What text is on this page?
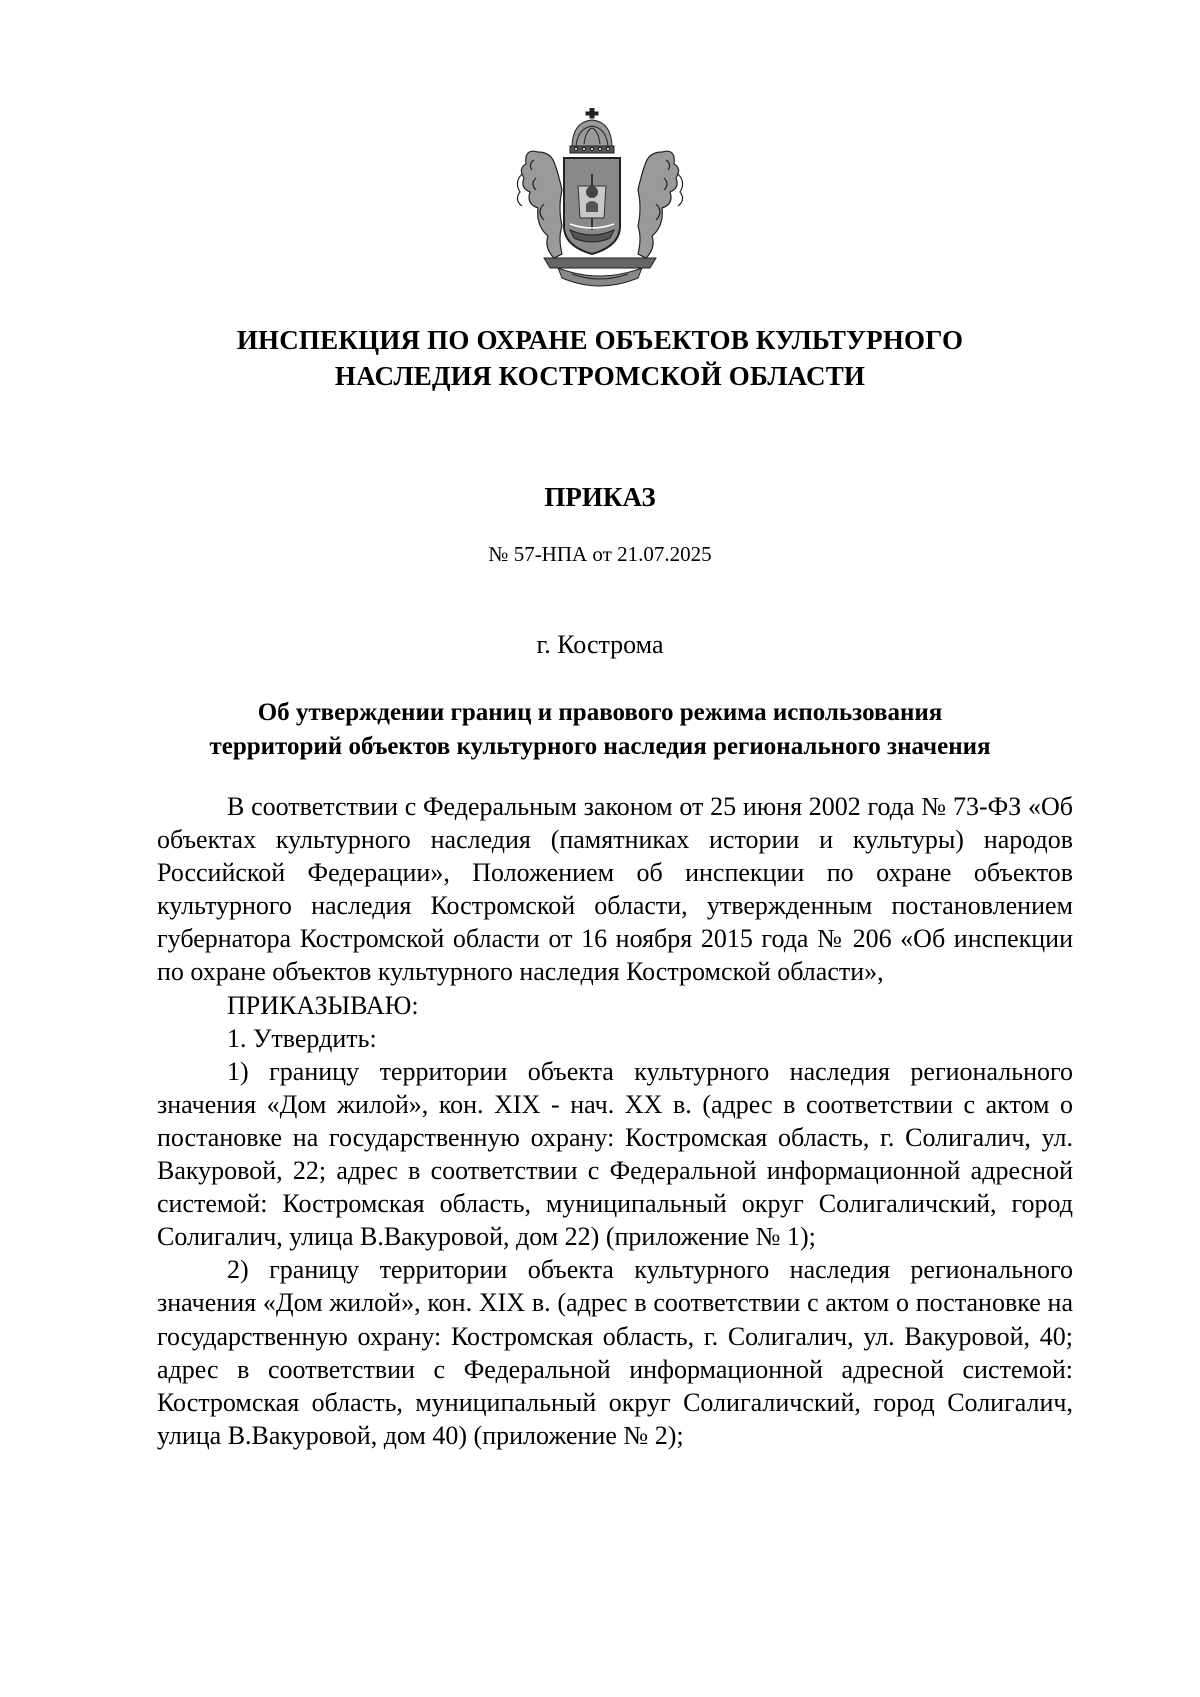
ИНСПЕКЦИЯ ПО ОХРАНЕ ОБЪЕКТОВ КУЛЬТУРНОГО
НАСЛЕДИЯ КОСТРОМСКОЙ ОБЛАСТИ
ПРИКАЗ
№ 57-НПА от 21.07.2025
г. Кострома
Об утверждении границ и правового режима использования
территорий объектов культурного наследия регионального значения

В соответствии с Федеральным законом от 25 июня 2002 года № 73-ФЗ «Об объектах культурного наследия (памятниках истории и культуры) народов Российской Федерации», Положением об инспекции по охране объектов культурного наследия Костромской области, утвержденным постановлением губернатора Костромской области от 16 ноября 2015 года № 206 «Об инспекции по охране объектов культурного наследия Костромской области»,

ПРИКАЗЫВАЮ:

1. Утвердить:

1) границу территории объекта культурного наследия регионального значения «Дом жилой», кон. XIX - нач. XX в. (адрес в соответствии с актом о постановке на государственную охрану: Костромская область, г. Солигалич, ул. Вакуровой, 22; адрес в соответствии с Федеральной информационной адресной системой: Костромская область, муниципальный округ Солигаличский, город Солигалич, улица В.Вакуровой, дом 22) (приложение № 1);

2) границу территории объекта культурного наследия регионального значения «Дом жилой», кон. XIX в. (адрес в соответствии с актом о постановке на государственную охрану: Костромская область, г. Солигалич, ул. Вакуровой, 40; адрес в соответствии с Федеральной информационной адресной системой: Костромская область, муниципальный округ Солигаличский, город Солигалич, улица В.Вакуровой, дом 40) (приложение № 2);
